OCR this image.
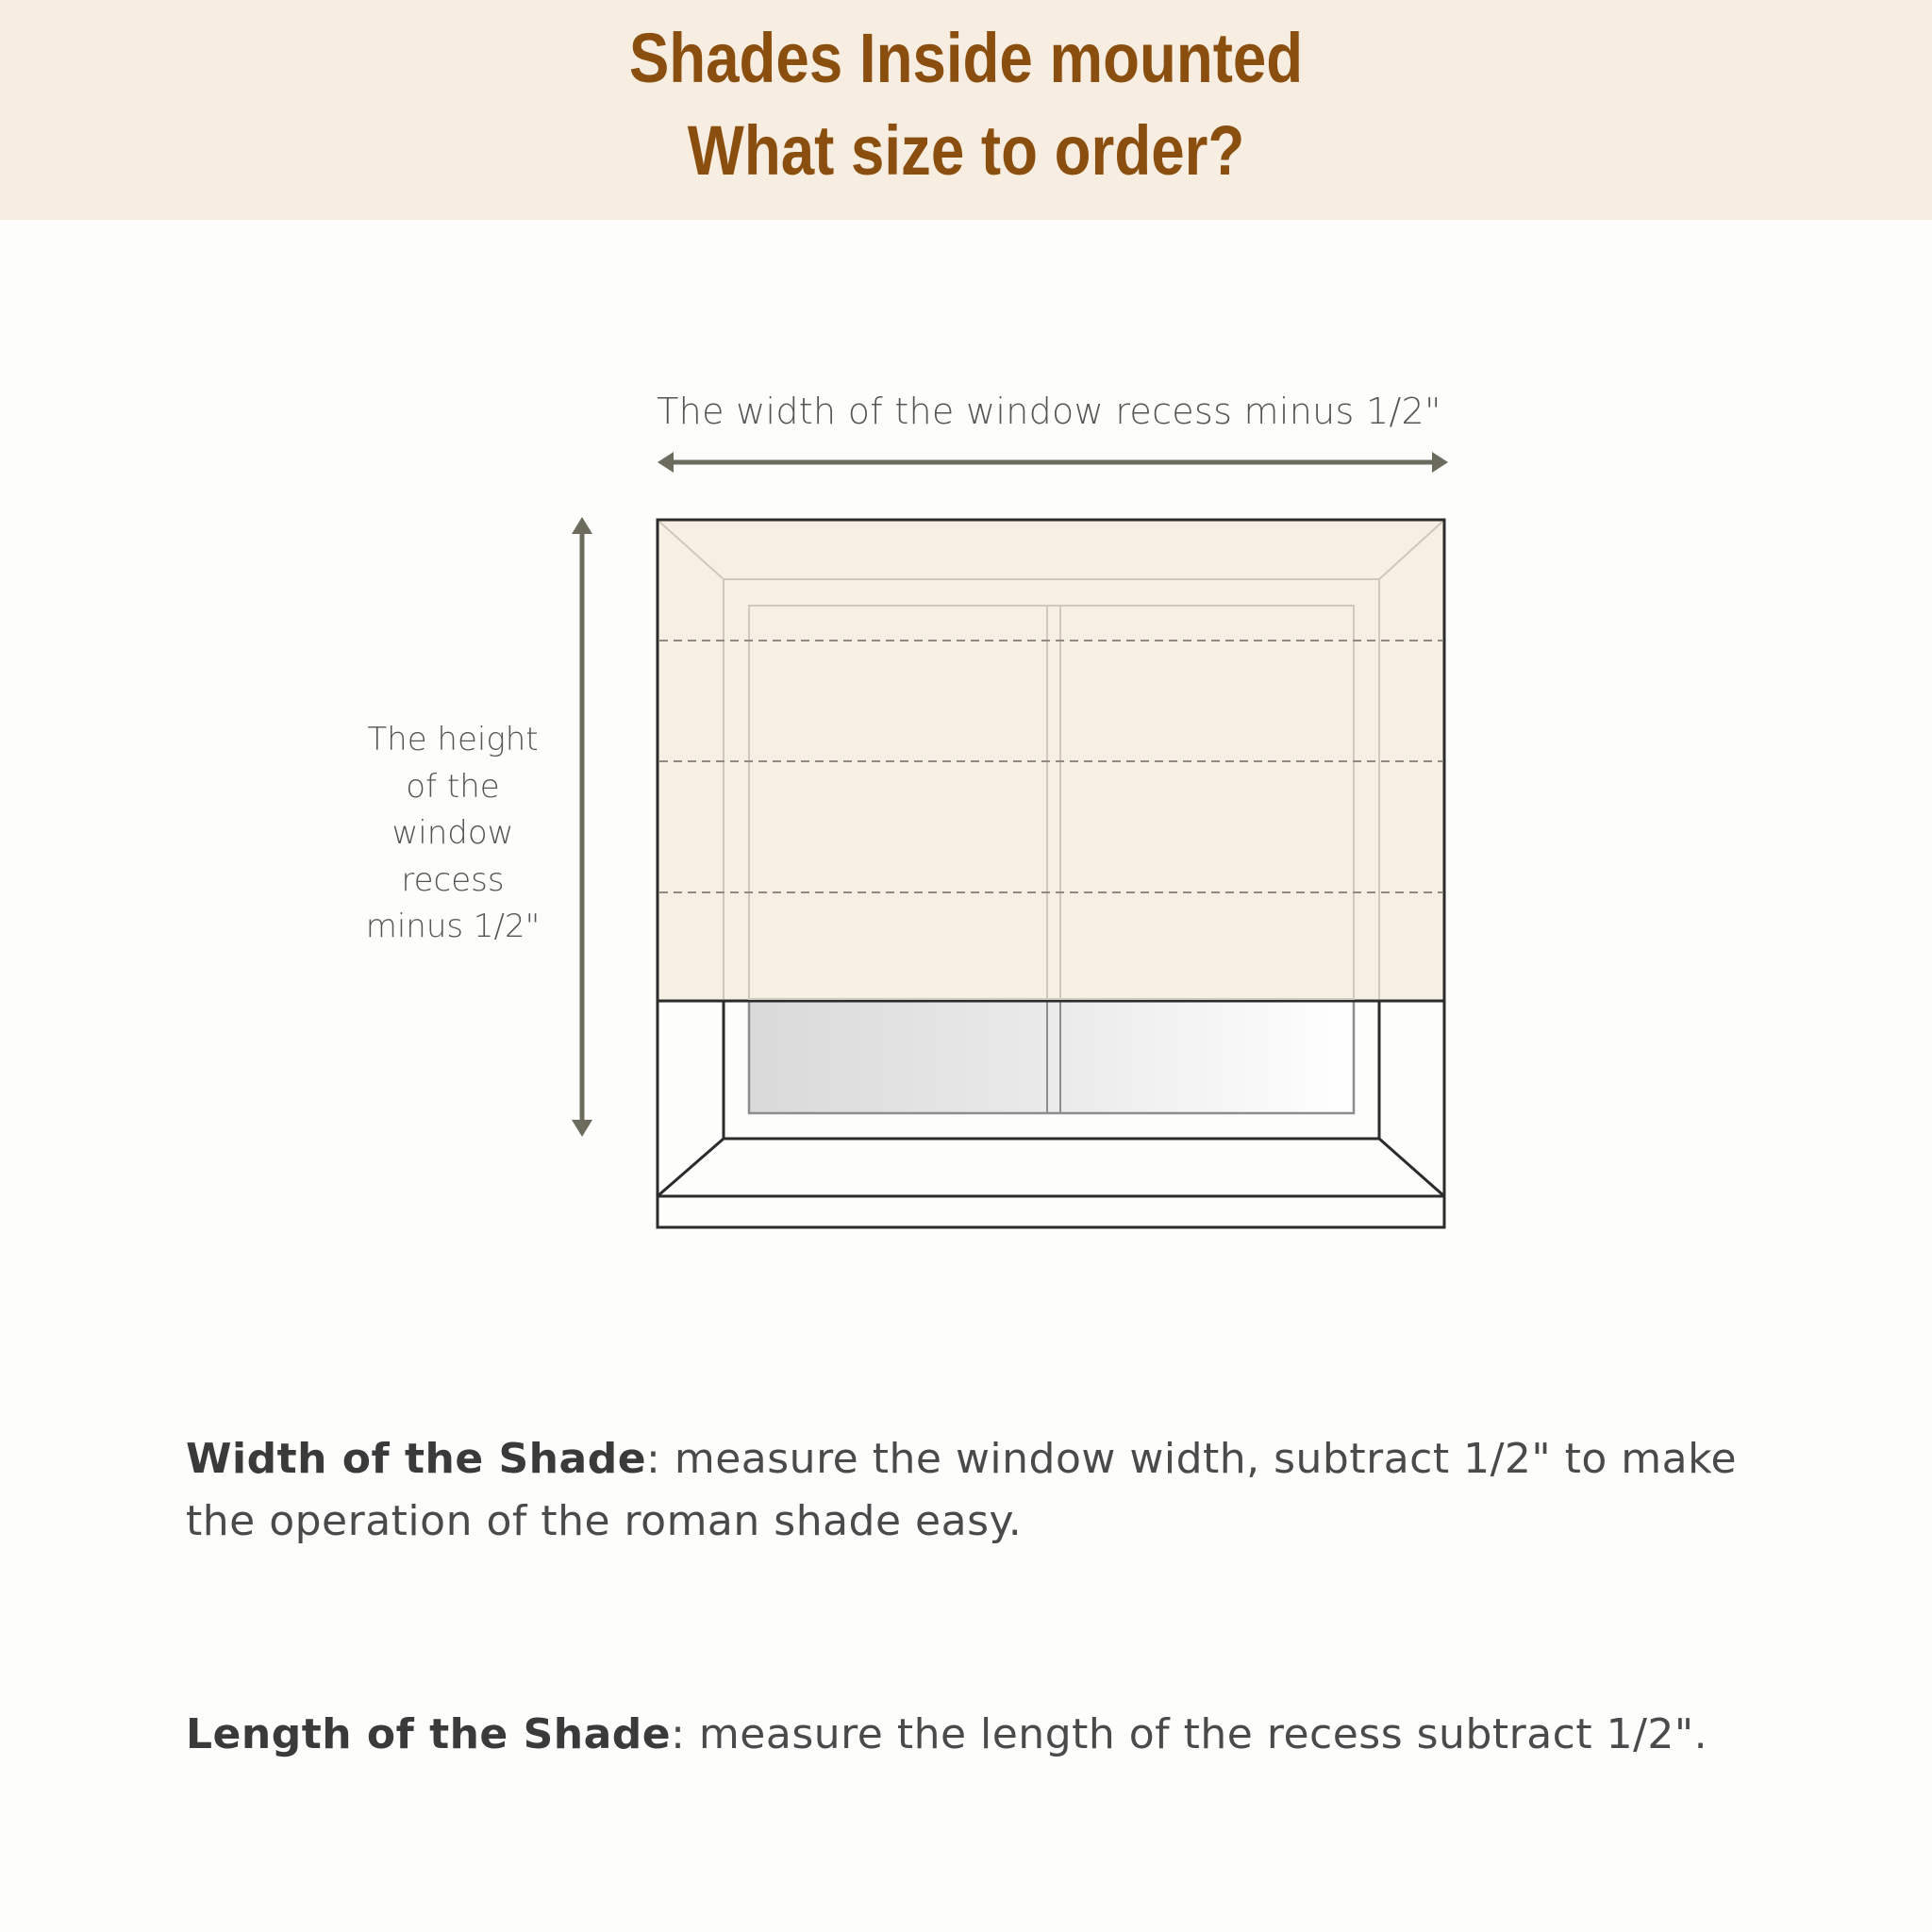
Shades Inside mounted
What size to order?
The width of the window recess minus 1/2"
The height
of the
window
recess
minus 1/2"
Width of the Shade: measure the window width, subtract 1/2" to make the operation of the roman shade easy.
Length of the Shade: measure the length of the recess subtract 1/2".
